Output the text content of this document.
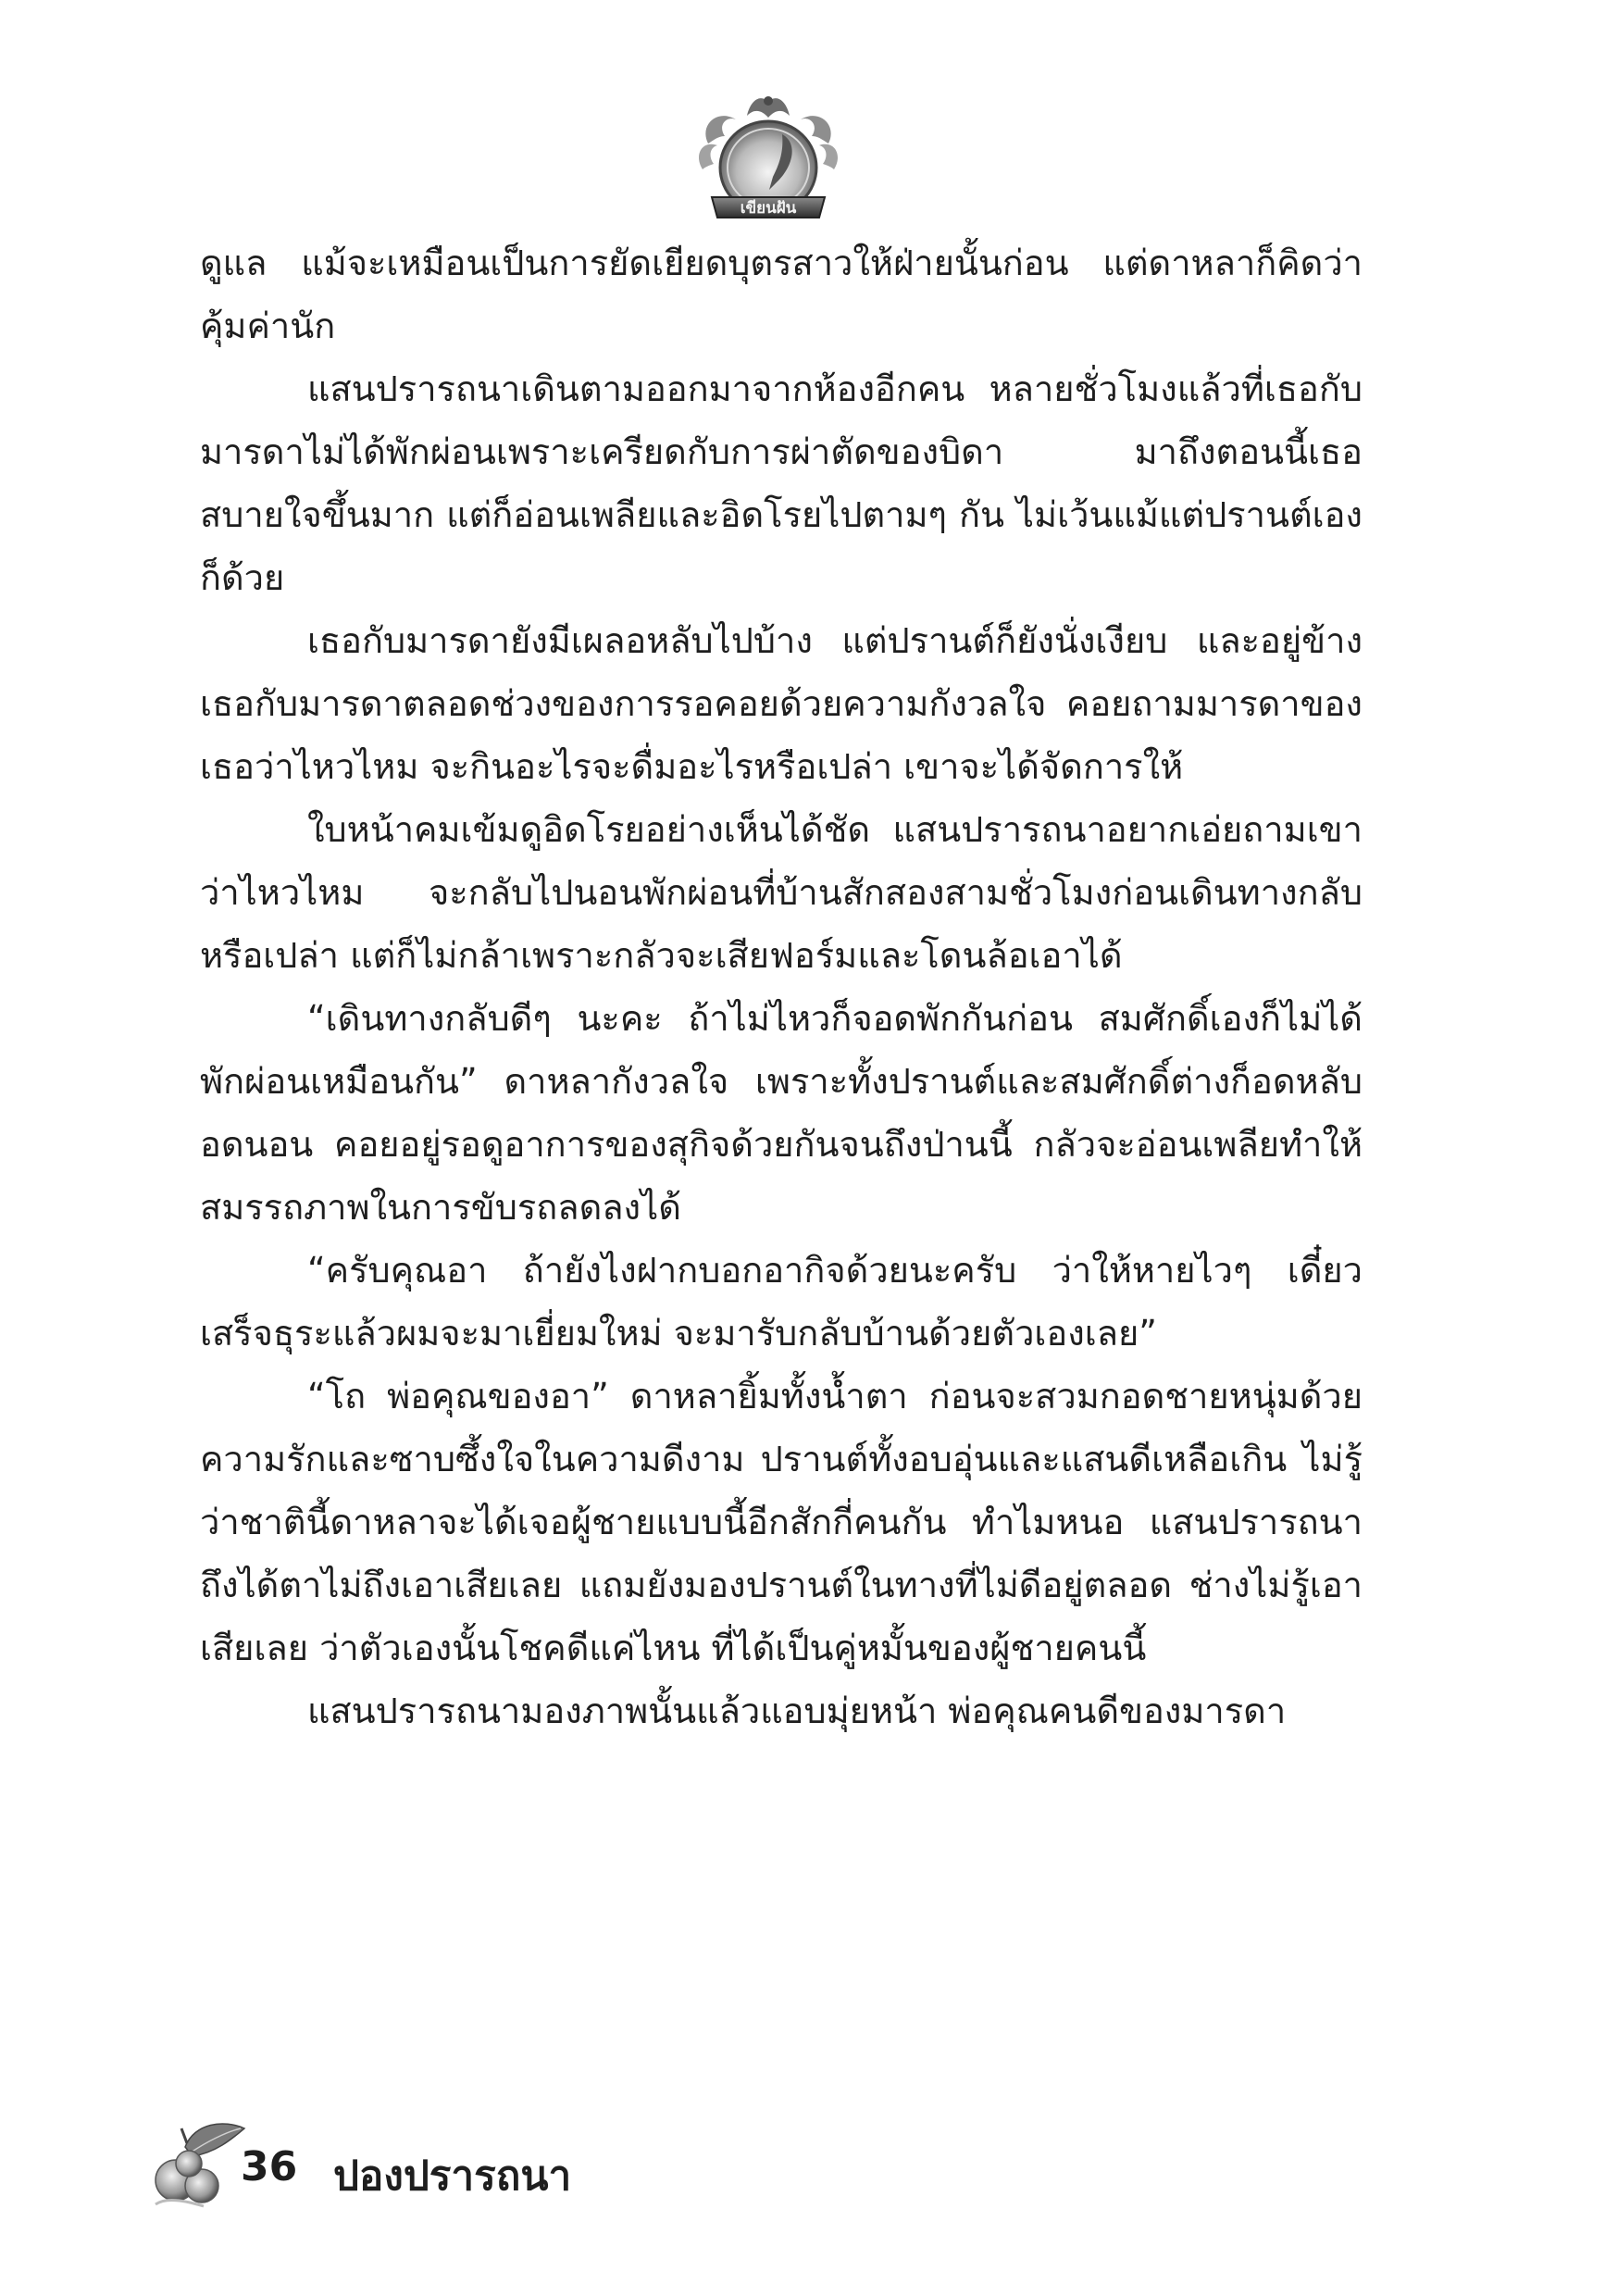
เขียนฝัน

ดูแล แม้จะเหมือนเป็นการยัดเยียดบุตรสาวให้ฝ่ายนั้นก่อน แต่ดาหลาก็คิดว่าคุ้มค่านัก

แสนปรารถนาเดินตามออกมาจากห้องอีกคน หลายชั่วโมงแล้วที่เธอกับมารดาไม่ได้พักผ่อนเพราะเครียดกับการผ่าตัดของบิดา มาถึงตอนนี้เธอสบายใจขึ้นมาก แต่ก็อ่อนเพลียและอิดโรยไปตามๆ กัน ไม่เว้นแม้แต่ปรานต์เองก็ด้วย

เธอกับมารดายังมีเผลอหลับไปบ้าง แต่ปรานต์ก็ยังนั่งเงียบ และอยู่ข้างเธอกับมารดาตลอดช่วงของการรอคอยด้วยความกังวลใจ คอยถามมารดาของเธอว่าไหวไหม จะกินอะไรจะดื่มอะไรหรือเปล่า เขาจะได้จัดการให้

ใบหน้าคมเข้มดูอิดโรยอย่างเห็นได้ชัด แสนปรารถนาอยากเอ่ยถามเขาว่าไหวไหม จะกลับไปนอนพักผ่อนที่บ้านสักสองสามชั่วโมงก่อนเดินทางกลับหรือเปล่า แต่ก็ไม่กล้าเพราะกลัวจะเสียฟอร์มและโดนล้อเอาได้

“เดินทางกลับดีๆ นะคะ ถ้าไม่ไหวก็จอดพักกันก่อน สมศักดิ์เองก็ไม่ได้พักผ่อนเหมือนกัน” ดาหลากังวลใจ เพราะทั้งปรานต์และสมศักดิ์ต่างก็อดหลับอดนอน คอยอยู่รอดูอาการของสุกิจด้วยกันจนถึงป่านนี้ กลัวจะอ่อนเพลียทำให้สมรรถภาพในการขับรถลดลงได้

“ครับคุณอา ถ้ายังไงฝากบอกอากิจด้วยนะครับ ว่าให้หายไวๆ เดี๋ยวเสร็จธุระแล้วผมจะมาเยี่ยมใหม่ จะมารับกลับบ้านด้วยตัวเองเลย”

“โถ พ่อคุณของอา” ดาหลายิ้มทั้งน้ำตา ก่อนจะสวมกอดชายหนุ่มด้วยความรักและซาบซึ้งใจในความดีงาม ปรานต์ทั้งอบอุ่นและแสนดีเหลือเกิน ไม่รู้ว่าชาตินี้ดาหลาจะได้เจอผู้ชายแบบนี้อีกสักกี่คนกัน ทำไมหนอ แสนปรารถนาถึงได้ตาไม่ถึงเอาเสียเลย แถมยังมองปรานต์ในทางที่ไม่ดีอยู่ตลอด ช่างไม่รู้เอาเสียเลย ว่าตัวเองนั้นโชคดีแค่ไหน ที่ได้เป็นคู่หมั้นของผู้ชายคนนี้

แสนปรารถนามองภาพนั้นแล้วแอบมุ่ยหน้า พ่อคุณคนดีของมารดา

36 ปองปรารถนา
